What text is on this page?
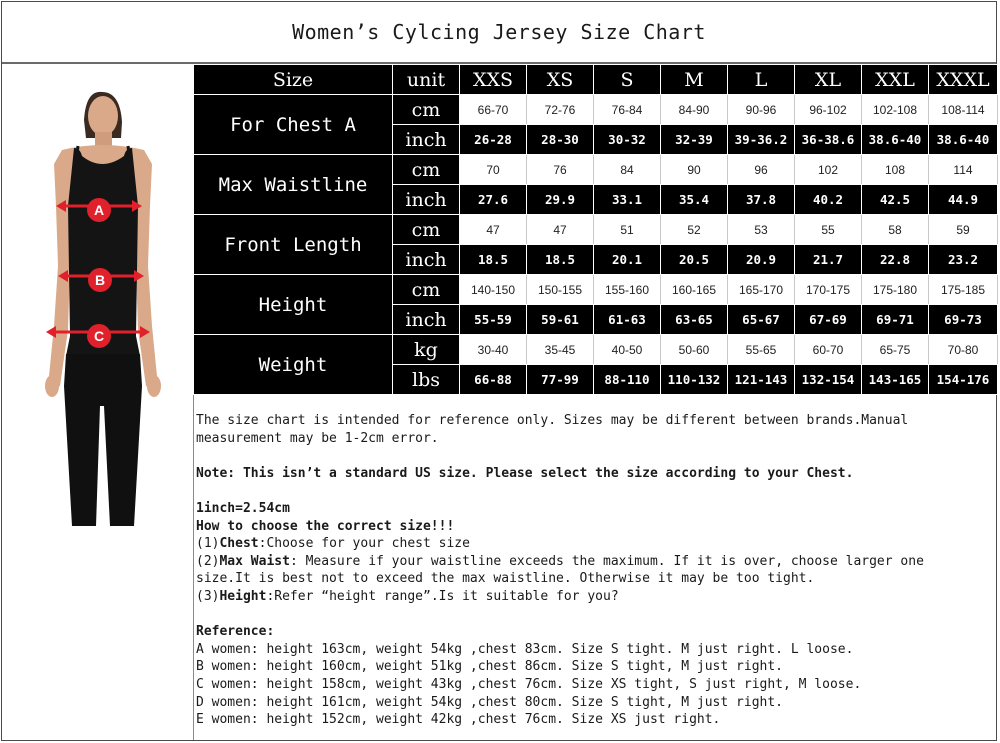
Women’s Cylcing Jersey Size Chart
A
B
C
Size	unit	XXS	XS	S	M	L	XL	XXL	XXXL
For Chest A	cm	66-70	72-76	76-84	84-90	90-96	96-102	102-108	108-114
	inch	26-28	28-30	30-32	32-39	39-36.2	36-38.6	38.6-40	38.6-40
Max Waistline	cm	70	76	84	90	96	102	108	114
	inch	27.6	29.9	33.1	35.4	37.8	40.2	42.5	44.9
Front Length	cm	47	47	51	52	53	55	58	59
	inch	18.5	18.5	20.1	20.5	20.9	21.7	22.8	23.2
Height	cm	140-150	150-155	155-160	160-165	165-170	170-175	175-180	175-185
	inch	55-59	59-61	61-63	63-65	65-67	67-69	69-71	69-73
Weight	kg	30-40	35-45	40-50	50-60	55-65	60-70	65-75	70-80
	lbs	66-88	77-99	88-110	110-132	121-143	132-154	143-165	154-176

The size chart is intended for reference only. Sizes may be different between brands.Manual

measurement may be 1-2cm error.

Note: This isn’t a standard US size. Please select the size according to your Chest.

1inch=2.54cm

How to choose the correct size!!!

(1)Chest:Choose for your chest size

(2)Max Waist: Measure if your waistline exceeds the maximum. If it is over, choose larger one

size.It is best not to exceed the max waistline. Otherwise it may be too tight.

(3)Height:Refer “height range”.Is it suitable for you?

Reference:

A women: height 163cm, weight 54kg ,chest 83cm. Size S tight. M just right. L loose.

B women: height 160cm, weight 51kg ,chest 86cm. Size S tight, M just right.

C women: height 158cm, weight 43kg ,chest 76cm. Size XS tight, S just right, M loose.

D women: height 161cm, weight 54kg ,chest 80cm. Size S tight, M just right.

E women: height 152cm, weight 42kg ,chest 76cm. Size XS just right.
